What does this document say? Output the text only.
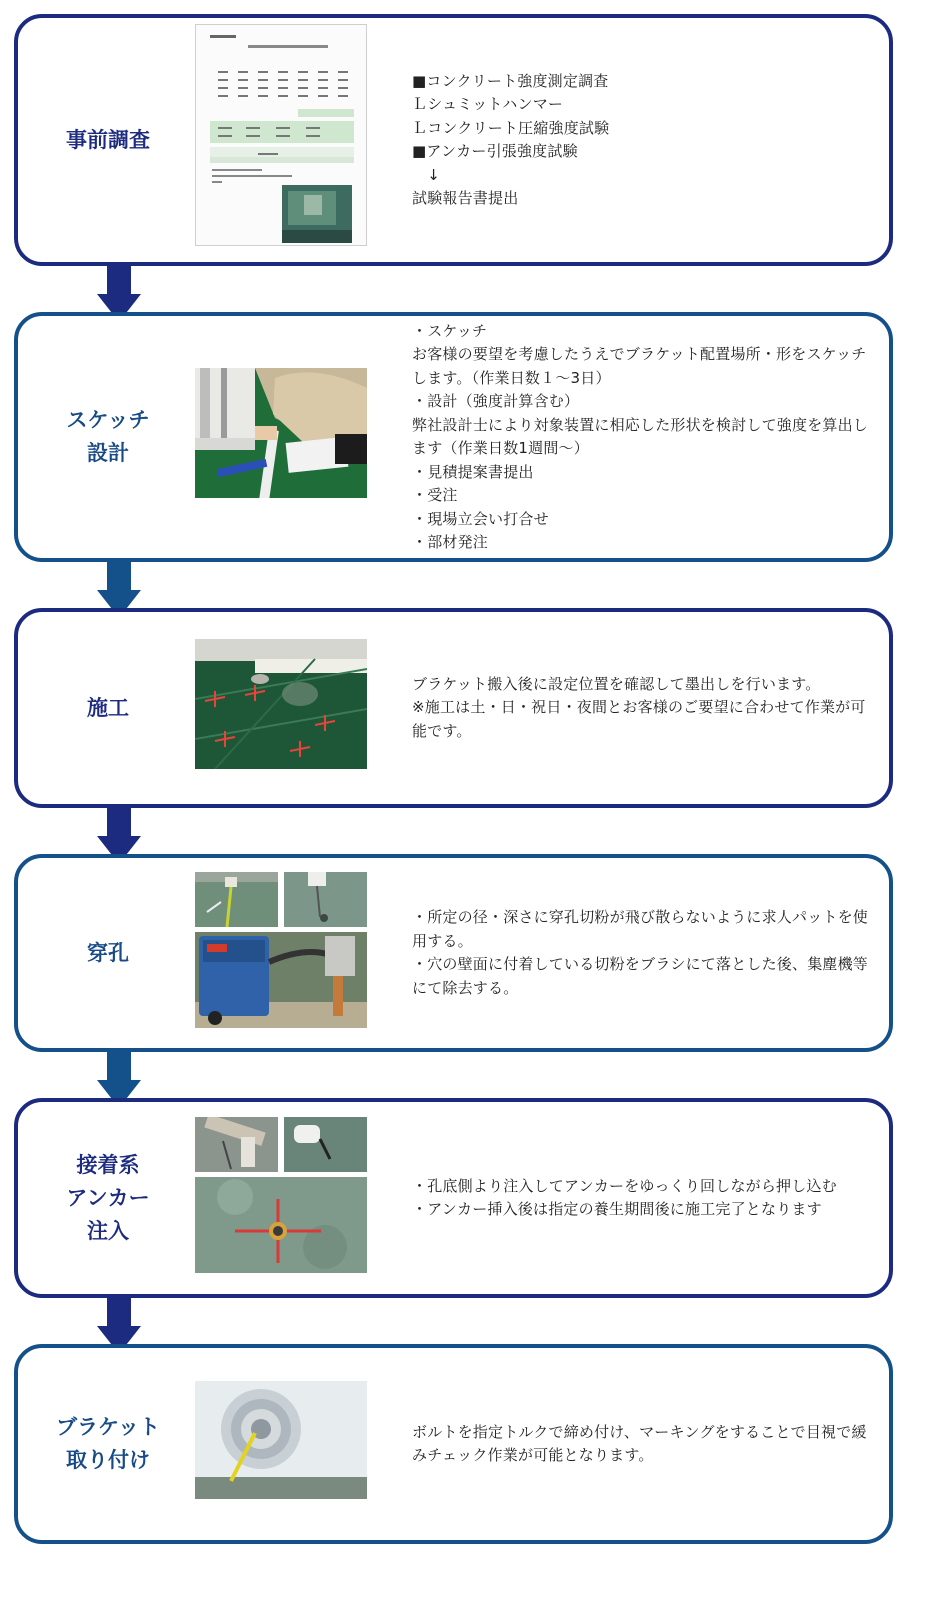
事前調査
■コンクリート強度測定調査
Ｌシュミットハンマー
Ｌコンクリート圧縮強度試験
■アンカー引張強度試験
　↓
試験報告書提出
スケッチ
設計
・スケッチ
お客様の要望を考慮したうえでブラケット配置場所・形をスケッチ
します。（作業日数１～3日）
・設計（強度計算含む）
弊社設計士により対象装置に相応した形状を検討して強度を算出し
ます（作業日数1週間～）
・見積提案書提出
・受注
・現場立会い打合せ
・部材発注
施工
ブラケット搬入後に設定位置を確認して墨出しを行います。
※施工は土・日・祝日・夜間とお客様のご要望に合わせて作業が可
能です。
穿孔
・所定の径・深さに穿孔切粉が飛び散らないように求人パットを使
用する。
・穴の壁面に付着している切粉をブラシにて落とした後、集塵機等
にて除去する。
接着系
アンカー
注入
・孔底側より注入してアンカーをゆっくり回しながら押し込む
・アンカー挿入後は指定の養生期間後に施工完了となります
ブラケット
取り付け
ボルトを指定トルクで締め付け、マーキングをすることで目視で緩
みチェック作業が可能となります。
